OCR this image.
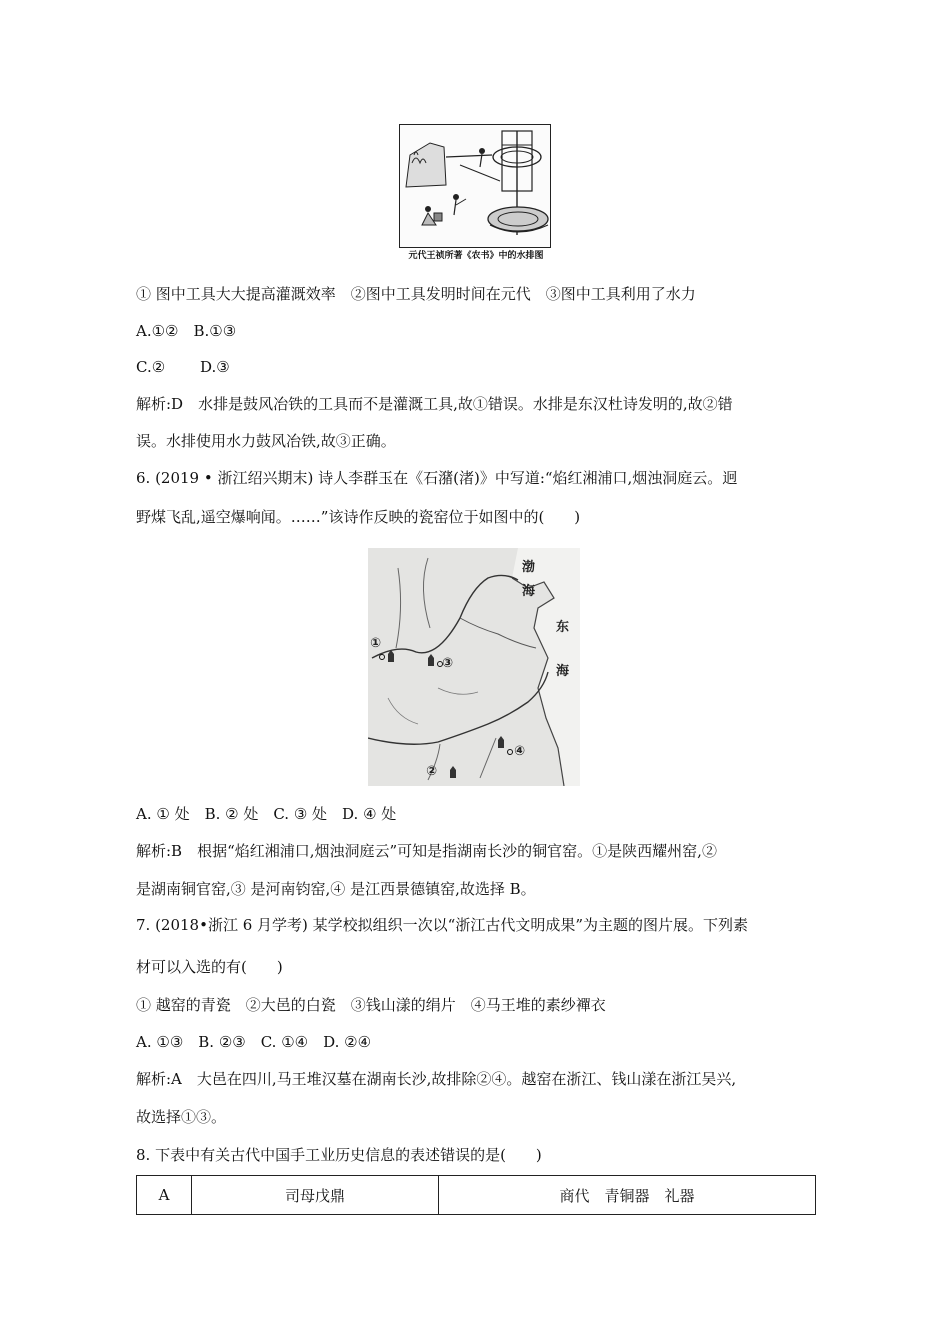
元代王祯所著《农书》中的水排图
① 图中工具大大提高灌溉效率　②图中工具发明时间在元代　③图中工具利用了水力
A.①②　 B.①③
C.② D.③
解析:D　水排是鼓风冶铁的工具而不是灌溉工具,故①错误。水排是东汉杜诗发明的,故②错
误。水排使用水力鼓风冶铁,故③正确。
6. (2019 • 浙江绍兴期末) 诗人李群玉在《石潴(渚)》中写道:“焰红湘浦口,烟浊洞庭云。迥
野煤飞乱,遥空爆响闻。……”该诗作反映的瓷窑位于如图中的(　　)
渤
海
东
海
①
③
④
②
A. ① 处　B. ② 处　C. ③ 处　D. ④ 处
解析:B　根据“焰红湘浦口,烟浊洞庭云”可知是指湖南长沙的铜官窑。①是陕西耀州窑,②
是湖南铜官窑,③ 是河南钧窑,④ 是江西景德镇窑,故选择 B。
7. (2018•浙江 6 月学考) 某学校拟组织一次以“浙江古代文明成果”为主题的图片展。下列素
材可以入选的有(　　)
① 越窑的青瓷　②大邑的白瓷　③钱山漾的绢片　④马王堆的素纱襌衣
A. ①③　B. ②③　C. ①④　D. ②④
解析:A　大邑在四川,马王堆汉墓在湖南长沙,故排除②④。越窑在浙江、钱山漾在浙江吴兴,
故选择①③。
8. 下表中有关古代中国手工业历史信息的表述错误的是(　　)
A	司母戊鼎	商代　青铜器　礼器
